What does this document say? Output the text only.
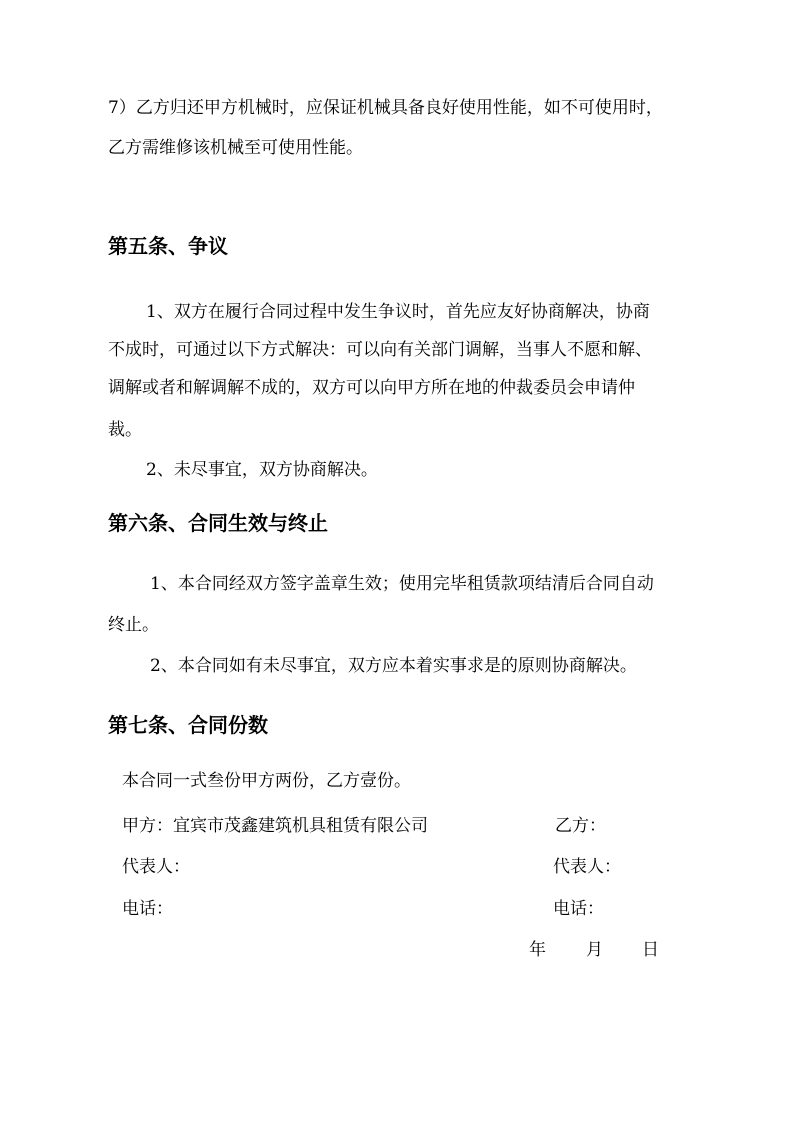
7）乙方归还甲方机械时，应保证机械具备良好使用性能，如不可使用时，
乙方需维修该机械至可使用性能。
第五条、争议
1、双方在履行合同过程中发生争议时，首先应友好协商解决，协商
不成时，可通过以下方式解决：可以向有关部门调解，当事人不愿和解、
调解或者和解调解不成的，双方可以向甲方所在地的仲裁委员会申请仲
裁。
2、未尽事宜，双方协商解决。
第六条、合同生效与终止
1、本合同经双方签字盖章生效；使用完毕租赁款项结清后合同自动
终止。
2、本合同如有未尽事宜，双方应本着实事求是的原则协商解决。
第七条、合同份数
本合同一式叁份甲方两份，乙方壹份。
甲方：宜宾市茂鑫建筑机具租赁有限公司	乙方：
代表人：	代表人：
电话：	电话：
年 月 日
